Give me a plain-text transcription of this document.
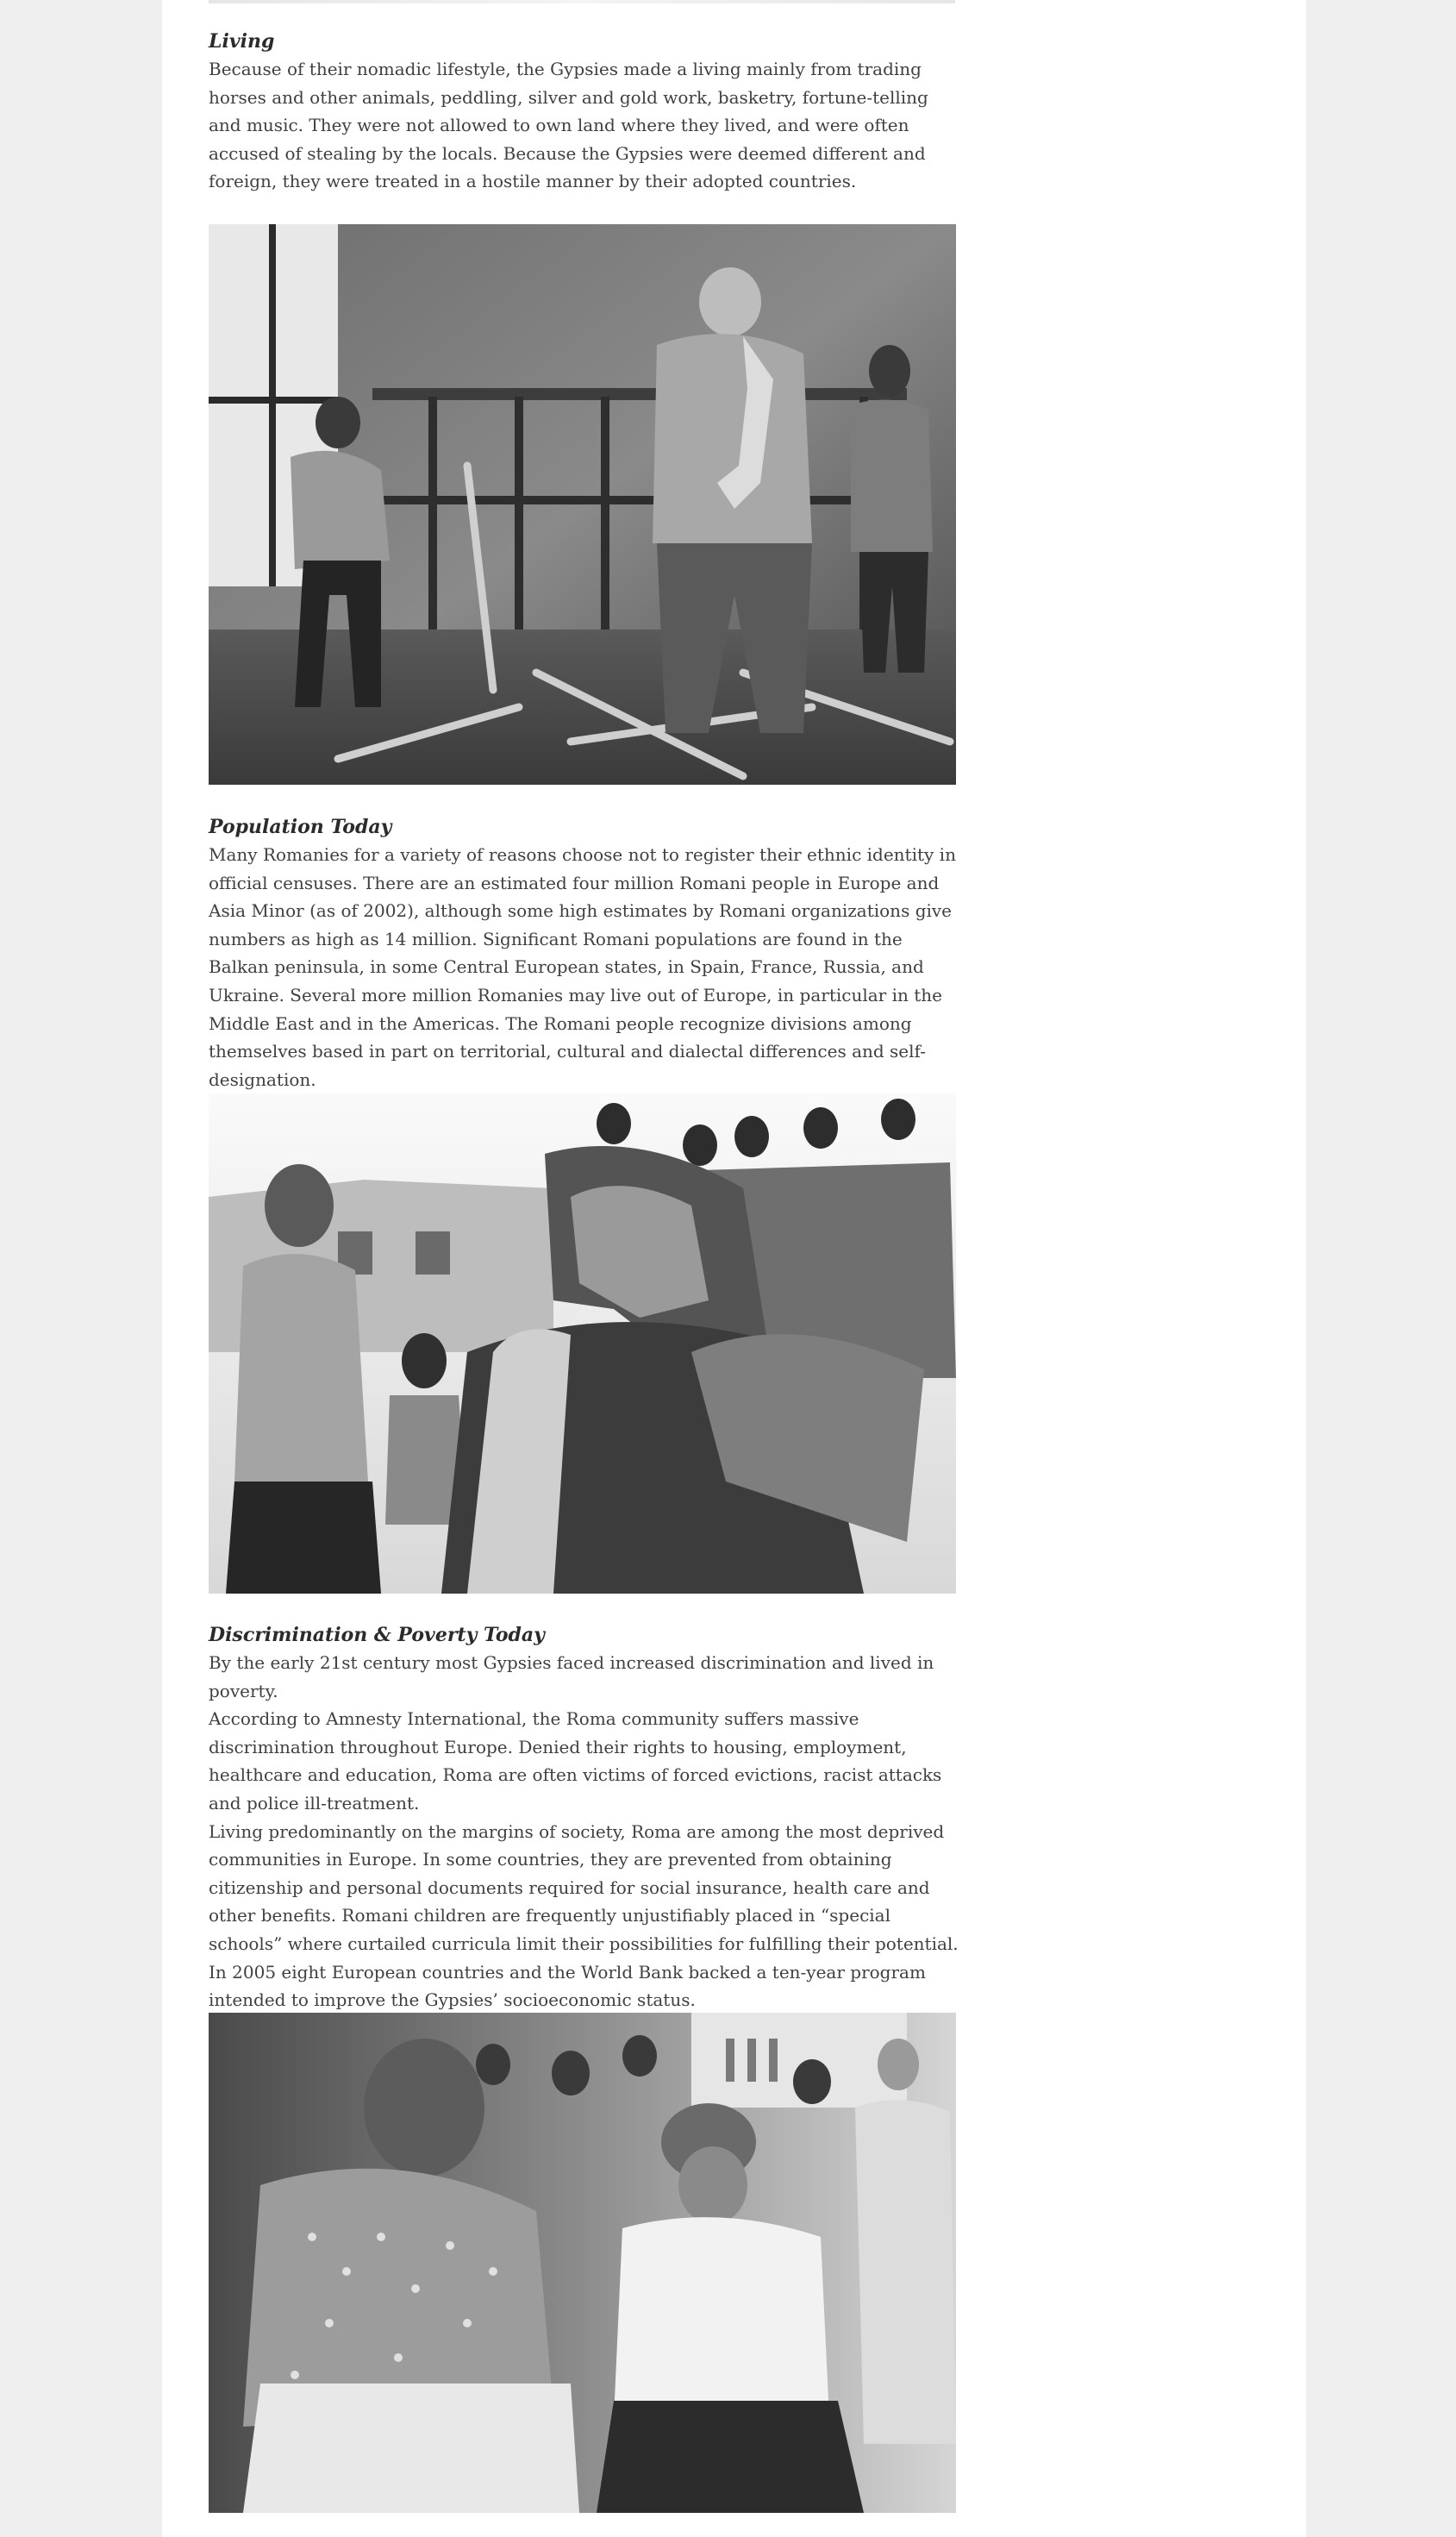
Living

Because of their nomadic lifestyle, the Gypsies made a living mainly from trading horses and other animals, peddling, silver and gold work, basketry, fortune-telling and music. They were not allowed to own land where they lived, and were often accused of stealing by the locals. Because the Gypsies were deemed different and foreign, they were treated in a hostile manner by their adopted countries.

Population Today

Many Romanies for a variety of reasons choose not to register their ethnic identity in official censuses. There are an estimated four million Romani people in Europe and Asia Minor (as of 2002), although some high estimates by Romani organizations give numbers as high as 14 million. Significant Romani populations are found in the Balkan peninsula, in some Central European states, in Spain, France, Russia, and Ukraine. Several more million Romanies may live out of Europe, in particular in the Middle East and in the Americas. The Romani people recognize divisions among themselves based in part on territorial, cultural and dialectal differences and self-designation.

Discrimination & Poverty Today

By the early 21st century most Gypsies faced increased discrimination and lived in poverty.

According to Amnesty International, the Roma community suffers massive discrimination throughout Europe. Denied their rights to housing, employment, healthcare and education, Roma are often victims of forced evictions, racist attacks and police ill-treatment.

Living predominantly on the margins of society, Roma are among the most deprived communities in Europe. In some countries, they are prevented from obtaining citizenship and personal documents required for social insurance, health care and other benefits. Romani children are frequently unjustifiably placed in “special schools” where curtailed curricula limit their possibilities for fulfilling their potential.

In 2005 eight European countries and the World Bank backed a ten-year program intended to improve the Gypsies’ socioeconomic status.
